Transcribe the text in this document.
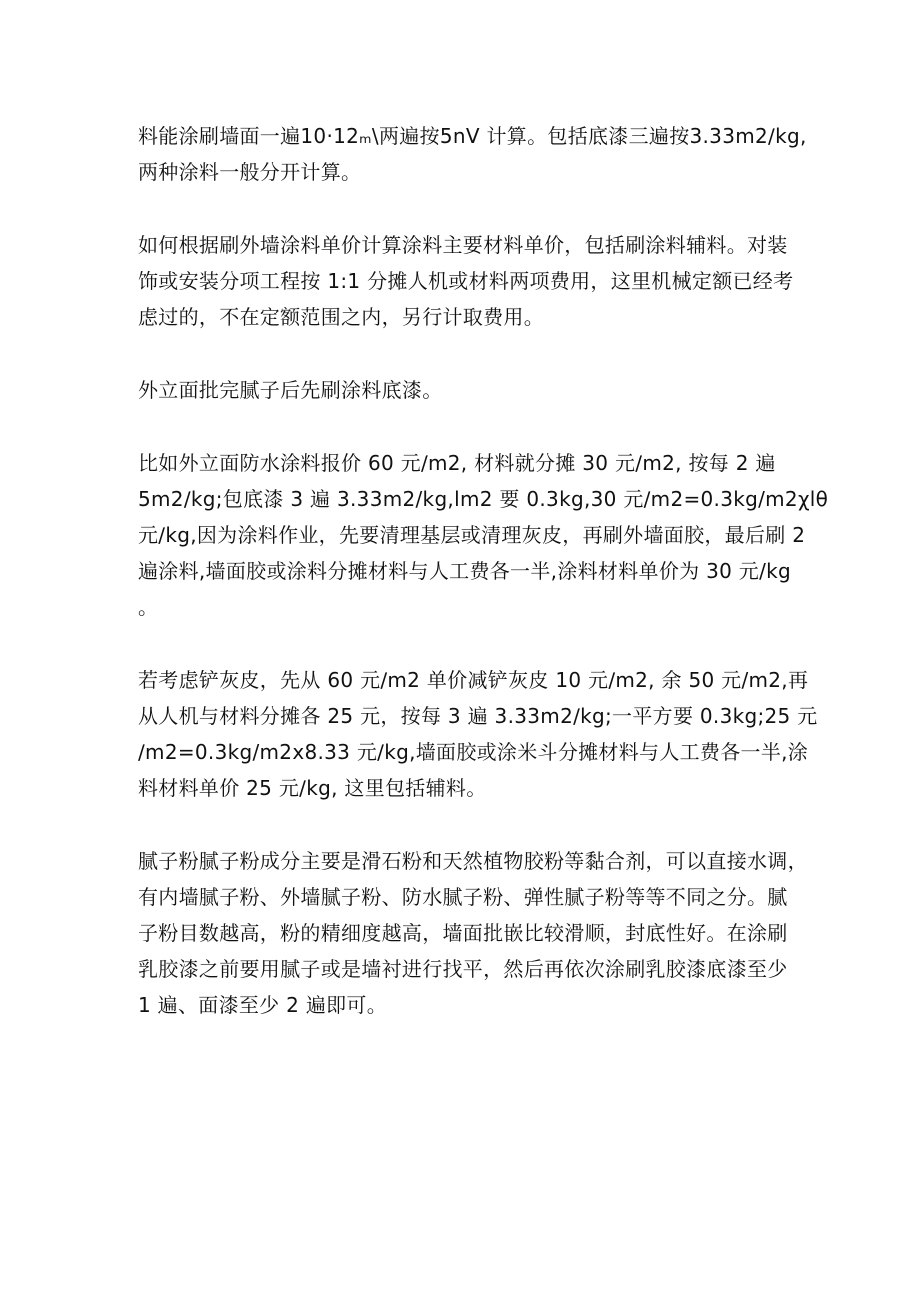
料能涂刷墙面一遍10·12ₘ\两遍按5nV 计算。包括底漆三遍按3.33m2∕kg,
两种涂料一般分开计算。

如何根据刷外墙涂料单价计算涂料主要材料单价，包括刷涂料辅料。对装
饰或安装分项工程按 1:1 分摊人机或材料两项费用，这里机械定额已经考
虑过的，不在定额范围之内，另行计取费用。

外立面批完腻子后先刷涂料底漆。

比如外立面防水涂料报价 60 元∕m2, 材料就分摊 30 元∕m2, 按每 2 遍
5m2∕kg;包底漆 3 遍 3.33m2/kg,lm2 要 0.3kg,30 元∕m2=0.3kg/m2χlθ
元∕kg,因为涂料作业，先要清理基层或清理灰皮，再刷外墙面胶，最后刷 2
遍涂料,墙面胶或涂料分摊材料与人工费各一半,涂料材料单价为 30 元/kg
。

若考虑铲灰皮，先从 60 元∕m2 单价减铲灰皮 10 元∕m2, 余 50 元/m2,再
从人机与材料分摊各 25 元，按每 3 遍 3.33m2∕kg;一平方要 0.3kg;25 元
∕m2=0.3kg/m2x8.33 元∕kg,墙面胶或涂米斗分摊材料与人工费各一半,涂
料材料单价 25 元∕kg, 这里包括辅料。

腻子粉腻子粉成分主要是滑石粉和天然植物胶粉等黏合剂，可以直接水调，
有内墙腻子粉、外墙腻子粉、防水腻子粉、弹性腻子粉等等不同之分。腻
子粉目数越高，粉的精细度越高，墙面批嵌比较滑顺，封底性好。在涂刷
乳胶漆之前要用腻子或是墙衬进行找平，然后再依次涂刷乳胶漆底漆至少
1 遍、面漆至少 2 遍即可。
